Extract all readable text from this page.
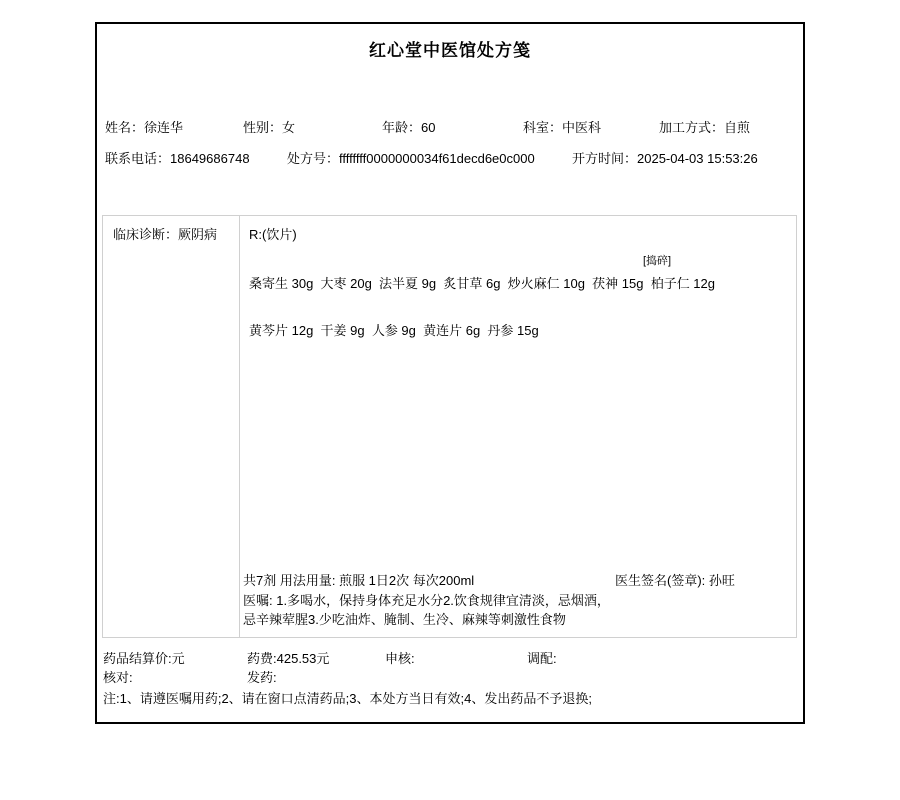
红心堂中医馆处方笺
姓名：徐连华	性别：女	年龄：60	科室：中医科	加工方式：自煎
联系电话：18649686748	处方号：ffffffff0000000034f61decd6e0c000	开方时间：2025-04-03 15:53:26
临床诊断：厥阴病 R:(饮片)
[捣碎]
桑寄生 30g  大枣 20g  法半夏 9g  炙甘草 6g  炒火麻仁 10g  茯神 15g  柏子仁 12g
黄芩片 12g  干姜 9g  人参 9g  黄连片 6g  丹参 15g
共7剂 用法用量: 煎服 1日2次 每次200ml	医生签名(签章): 孙旺
医嘱: 1.多喝水，保持身体充足水分2.饮食规律宜清淡，忌烟酒，
忌辛辣荤腥3.少吃油炸、腌制、生冷、麻辣等刺激性食物
药品结算价:元	药费:425.53元	申核:	调配:
核对:	发药:
注:1、请遵医嘱用药;2、请在窗口点清药品;3、本处方当日有效;4、发出药品不予退换;
